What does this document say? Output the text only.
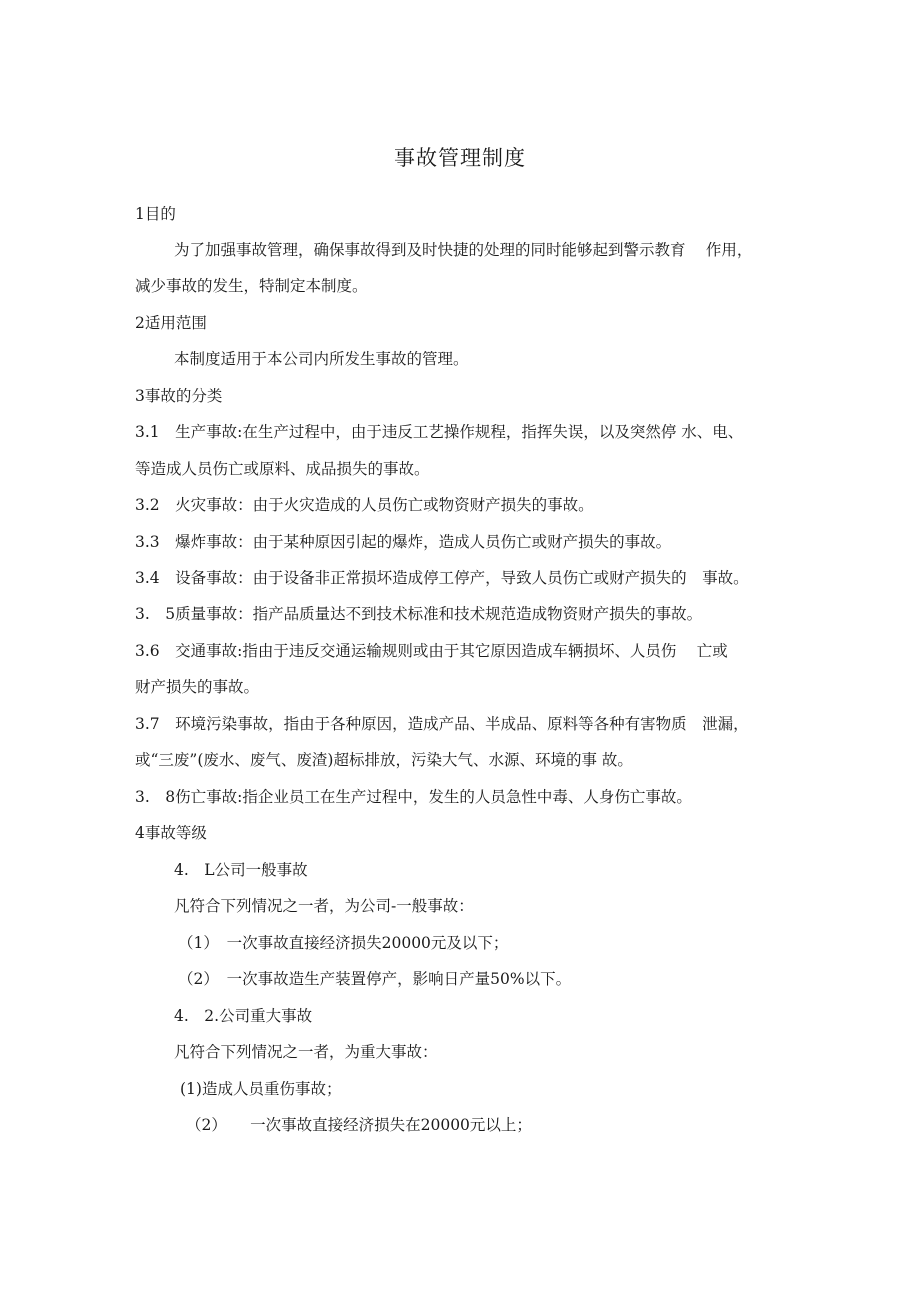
事故管理制度
1目的
为了加强事故管理，确保事故得到及时快捷的处理的同时能够起到警示教育　 作用，
减少事故的发生，特制定本制度。
2适用范围
本制度适用于本公司内所发生事故的管理。
3事故的分类
3.1　生产事故:在生产过程中，由于违反工艺操作规程，指挥失误，以及突然停 水、电、
等造成人员伤亡或原料、成品损失的事故。
3.2　火灾事故：由于火灾造成的人员伤亡或物资财产损失的事故。
3.3　爆炸事故：由于某种原因引起的爆炸，造成人员伤亡或财产损失的事故。
3.4　设备事故：由于设备非正常损坏造成停工停产，导致人员伤亡或财产损失的　事故。
3.　5质量事故：指产品质量达不到技术标准和技术规范造成物资财产损失的事故。
3.6　交通事故:指由于违反交通运输规则或由于其它原因造成车辆损坏、人员伤　 亡或
财产损失的事故。
3.7　环境污染事故，指由于各种原因，造成产品、半成品、原料等各种有害物质　泄漏，
或“三废”(废水、废气、废渣)超标排放，污染大气、水源、环境的事 故。
3.　8伤亡事故:指企业员工在生产过程中，发生的人员急性中毒、人身伤亡事故。
4事故等级
4.　L公司一般事故
凡符合下列情况之一者，为公司-一般事故：
（1）　一次事故直接经济损失20000元及以下；
（2）　一次事故造生产装置停产，影响日产量50%以下。
4.　2.公司重大事故
凡符合下列情况之一者，为重大事故：
(1)造成人员重伤事故；
（2）　　一次事故直接经济损失在20000元以上；
